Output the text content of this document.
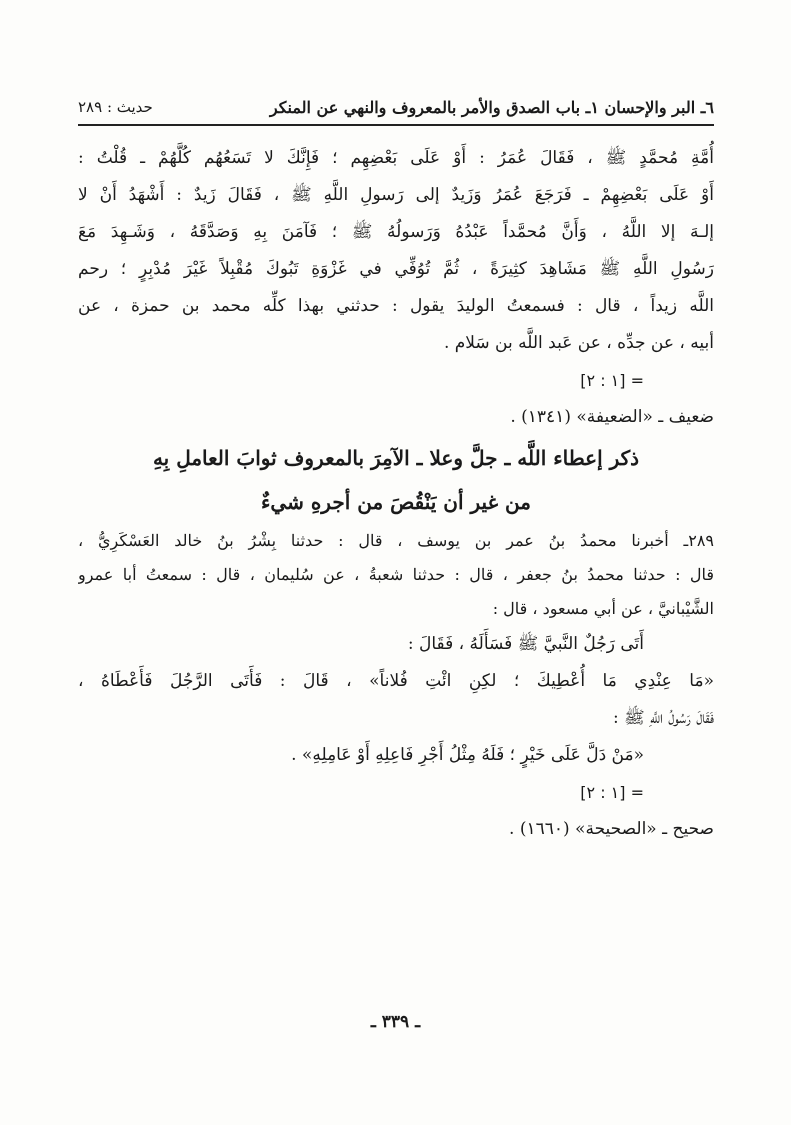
٦ـ البر والإحسان ١ـ باب الصدق والأمر بالمعروف والنهي عن المنكر
حديث : ٢٨٩
أُمَّةِ مُحمَّدٍ ﷺ ، فَقَالَ عُمَرُ : أَوْ عَلَى بَعْضِهِم ؛ فَإِنَّكَ لا تَسَعُهُم كُلَّهُمْ ـ قُلْتُ :
أَوْ عَلَى بَعْضِهِمْ ـ فَرَجَعَ عُمَرُ وَزَيدٌ إلى رَسولِ اللَّهِ ﷺ ، فَقَالَ زَيدٌ : أَشْهَدُ أَنْ لا
إلـهَ إلا اللَّهُ ، وَأَنَّ مُحمَّداً عَبْدُهُ وَرَسولُهُ ﷺ ؛ فَآمَنَ بِهِ وَصَدَّقَهُ ، وَشَـهِدَ مَعَ
رَسُولِ اللَّهِ ﷺ مَشَاهِدَ كثِيرَةً ، ثُمَّ تُوُفِّي في غَزْوَةِ تَبُوكَ مُقْبِلاً غَيْرَ مُدْبِرٍ ؛ رحم
اللَّه زيداً ، قال : فسمعتُ الوليدَ يقول : حدثني بهذا كلِّه محمد بن حمزة ، عن
أبيه ، عن جدِّه ، عن عَبد اللَّه بن سَلام .
= [١ : ٢]
ضعيف ـ «الضعيفة» (١٣٤١) .
ذكر إعطاء اللَّه ـ جلَّ وعلا ـ الآمِرَ بالمعروف ثوابَ العاملِ بِهِ
من غير أن يَنْقُصَ من أجرهِ شيءٌ
٢٨٩ـ أخبرنا محمدُ بنُ عمر بن يوسف ، قال : حدثنا بِشْرُ بنُ خالد العَسْكَرِيُّ ،
قال : حدثنا محمدُ بنُ جعفر ، قال : حدثنا شعبةُ ، عن سُليمان ، قال : سمعتُ أبا عمرو
الشَّيْبانيَّ ، عن أبي مسعود ، قال :
أَتَى رَجُلٌ النَّبيَّ ﷺ فَسَأَلَهُ ، فَقَالَ :
«مَا عِنْدِي مَا أُعْطِيكَ ؛ لكِنِ ائْتِ فُلاناً» ، قَالَ : فَأَتَى الرَّجُلَ فَأَعْطَاهُ ،
فَقَالَ رَسُولُ اللَّهِ ﷺ :
«مَنْ دَلَّ عَلَى خَيْرٍ ؛ فَلَهُ مِثْلُ أَجْرِ فَاعِلِهِ أَوْ عَامِلِهِ» .
= [١ : ٢]
صحيح ـ «الصحيحة» (١٦٦٠) .
ـ ٣٣٩ ـ
